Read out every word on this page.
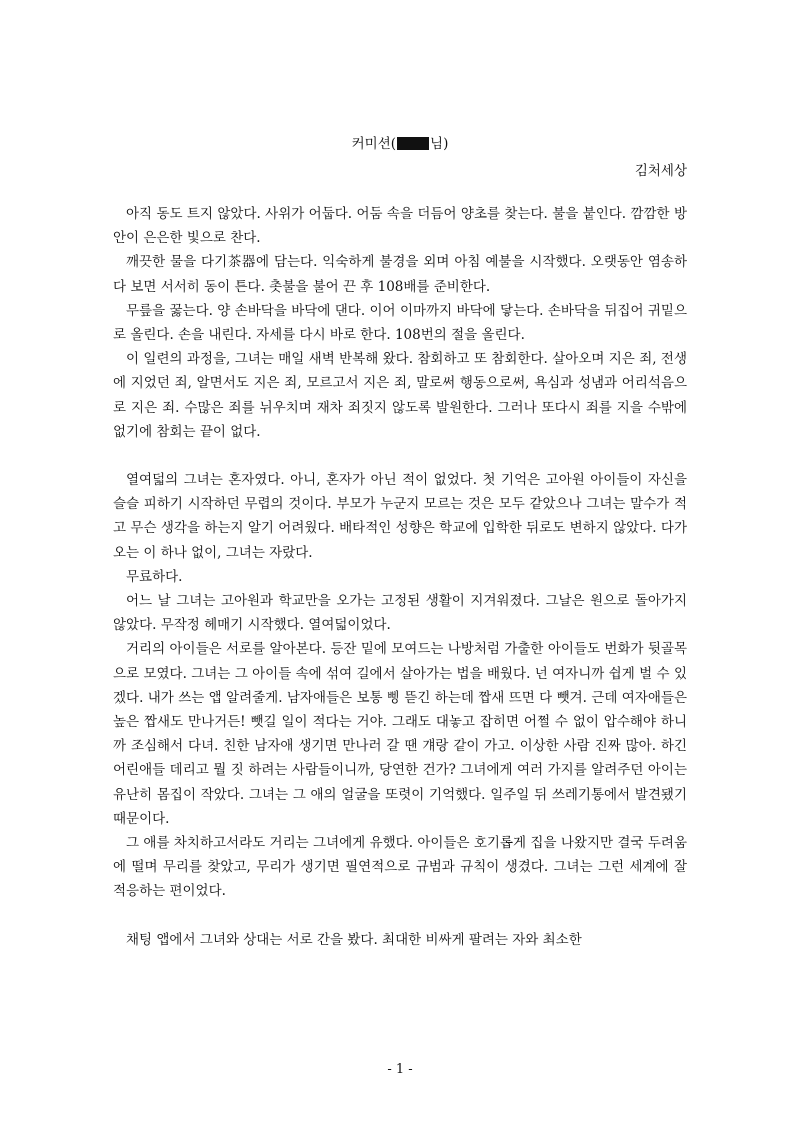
커미션(	님)
김처세상

아직 동도 트지 않았다. 사위가 어둡다. 어둠 속을 더듬어 양초를 찾는다. 불을 붙인다. 깜깜한 방 안이 은은한 빛으로 찬다.

깨끗한 물을 다기茶器에 담는다. 익숙하게 불경을 외며 아침 예불을 시작했다. 오랫동안 염송하다 보면 서서히 동이 튼다. 촛불을 불어 끈 후 108배를 준비한다.

무릎을 꿇는다. 양 손바닥을 바닥에 댄다. 이어 이마까지 바닥에 닿는다. 손바닥을 뒤집어 귀밑으로 올린다. 손을 내린다. 자세를 다시 바로 한다. 108번의 절을 올린다.

이 일련의 과정을, 그녀는 매일 새벽 반복해 왔다. 참회하고 또 참회한다. 살아오며 지은 죄, 전생에 지었던 죄, 알면서도 지은 죄, 모르고서 지은 죄, 말로써 행동으로써, 욕심과 성냄과 어리석음으로 지은 죄. 수많은 죄를 뉘우치며 재차 죄짓지 않도록 발원한다. 그러나 또다시 죄를 지을 수밖에 없기에 참회는 끝이 없다.

열여덟의 그녀는 혼자였다. 아니, 혼자가 아닌 적이 없었다. 첫 기억은 고아원 아이들이 자신을 슬슬 피하기 시작하던 무렵의 것이다. 부모가 누군지 모르는 것은 모두 같았으나 그녀는 말수가 적고 무슨 생각을 하는지 알기 어려웠다. 배타적인 성향은 학교에 입학한 뒤로도 변하지 않았다. 다가오는 이 하나 없이, 그녀는 자랐다.

무료하다.

어느 날 그녀는 고아원과 학교만을 오가는 고정된 생활이 지겨워졌다. 그날은 원으로 돌아가지 않았다. 무작정 헤매기 시작했다. 열여덟이었다.

거리의 아이들은 서로를 알아본다. 등잔 밑에 모여드는 나방처럼 가출한 아이들도 번화가 뒷골목으로 모였다. 그녀는 그 아이들 속에 섞여 길에서 살아가는 법을 배웠다. 넌 여자니까 쉽게 벌 수 있겠다. 내가 쓰는 앱 알려줄게. 남자애들은 보통 삥 뜯긴 하는데 짭새 뜨면 다 뺏겨. 근데 여자애들은 높은 짭새도 만나거든! 뺏길 일이 적다는 거야. 그래도 대놓고 잡히면 어쩔 수 없이 압수해야 하니까 조심해서 다녀. 친한 남자애 생기면 만나러 갈 땐 걔랑 같이 가고. 이상한 사람 진짜 많아. 하긴 어린애들 데리고 뭘 짓 하려는 사람들이니까, 당연한 건가? 그녀에게 여러 가지를 알려주던 아이는 유난히 몸집이 작았다. 그녀는 그 애의 얼굴을 또렷이 기억했다. 일주일 뒤 쓰레기통에서 발견됐기 때문이다.

그 애를 차치하고서라도 거리는 그녀에게 유했다. 아이들은 호기롭게 집을 나왔지만 결국 두려움에 떨며 무리를 찾았고, 무리가 생기면 필연적으로 규범과 규칙이 생겼다. 그녀는 그런 세계에 잘 적응하는 편이었다.

채팅 앱에서 그녀와 상대는 서로 간을 봤다. 최대한 비싸게 팔려는 자와 최소한

- 1 -
